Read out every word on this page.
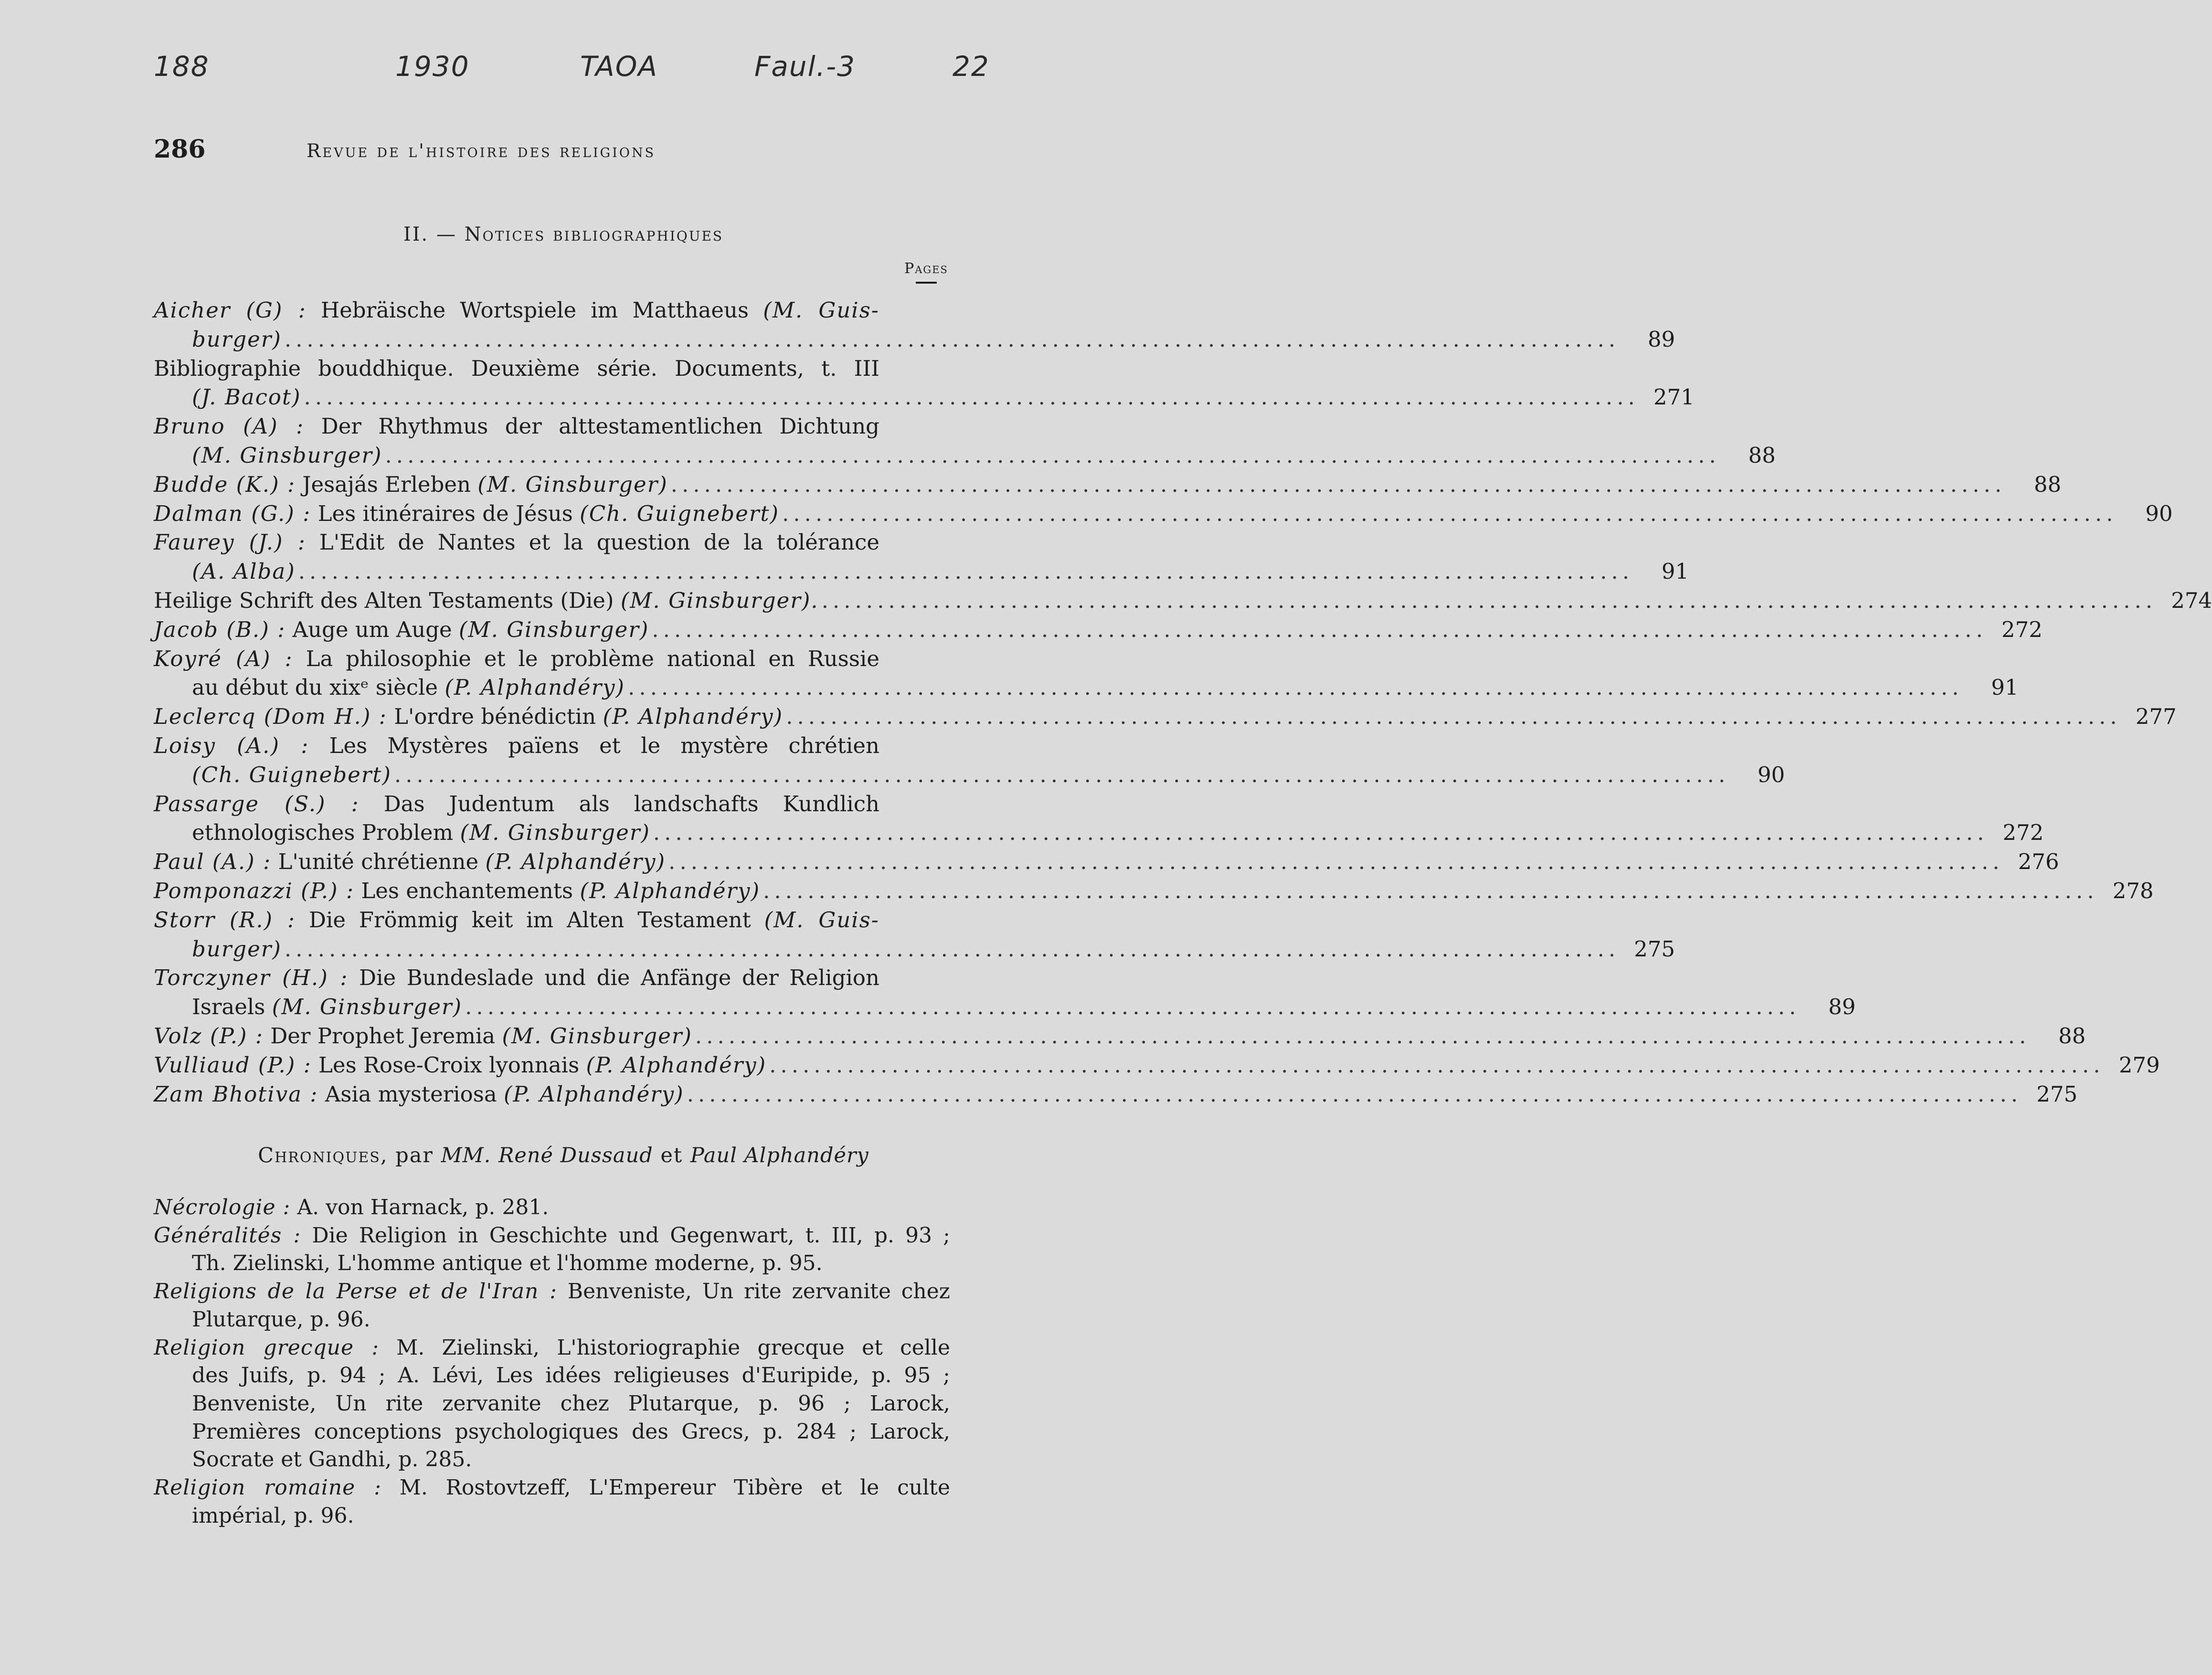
188	1930	TAOA	Faul.-3	22
286	Revue de l'histoire des religions
II. — Notices bibliographiques
Pages
Aicher (G) : Hebräische Wortspiele im Matthaeus (M. Guis-
burger) ........................................................................................................................	89
Bibliographie bouddhique. Deuxième série. Documents, t. III
(J. Bacot) ........................................................................................................................ 271
Bruno (A) : Der Rhythmus der alttestamentlichen Dichtung
(M. Ginsburger) ........................................................................................................................	88
Budde (K.) : Jesajás Erleben (M. Ginsburger) ........................................................................................................................	88
Dalman (G.) : Les itinéraires de Jésus (Ch. Guignebert) ........................................................................................................................	90
Faurey (J.) : L'Edit de Nantes et la question de la tolérance
(A. Alba) ........................................................................................................................	91
Heilige Schrift des Alten Testaments (Die) (M. Ginsburger). ........................................................................................................................ 274
Jacob (B.) : Auge um Auge (M. Ginsburger) ........................................................................................................................ 272
Koyré (A) : La philosophie et le problème national en Russie
au début du xixᵉ siècle (P. Alphandéry) ........................................................................................................................	91
Leclercq (Dom H.) : L'ordre bénédictin (P. Alphandéry) ........................................................................................................................ 277
Loisy (A.) : Les Mystères païens et le mystère chrétien
(Ch. Guignebert) ........................................................................................................................	90
Passarge (S.) : Das Judentum als landschafts Kundlich
ethnologisches Problem (M. Ginsburger) ........................................................................................................................ 272
Paul (A.) : L'unité chrétienne (P. Alphandéry) ........................................................................................................................ 276
Pomponazzi (P.) : Les enchantements (P. Alphandéry) ........................................................................................................................ 278
Storr (R.) : Die Frömmig keit im Alten Testament (M. Guis-
burger) ........................................................................................................................ 275
Torczyner (H.) : Die Bundeslade und die Anfänge der Religion
Israels (M. Ginsburger) ........................................................................................................................	89
Volz (P.) : Der Prophet Jeremia (M. Ginsburger) ........................................................................................................................	88
Vulliaud (P.) : Les Rose-Croix lyonnais (P. Alphandéry) ........................................................................................................................ 279
Zam Bhotiva : Asia mysteriosa (P. Alphandéry) ........................................................................................................................ 275
Chroniques, par MM. René Dussaud et Paul Alphandéry
Nécrologie : A. von Harnack, p. 281.
Généralités : Die Religion in Geschichte und Gegenwart, t. III, p. 93 ;
Th. Zielinski, L'homme antique et l'homme moderne, p. 95.
Religions de la Perse et de l'Iran : Benveniste, Un rite zervanite chez
Plutarque, p. 96.
Religion grecque : M. Zielinski, L'historiographie grecque et celle
des Juifs, p. 94 ; A. Lévi, Les idées religieuses d'Euripide, p. 95 ;
Benveniste, Un rite zervanite chez Plutarque, p. 96 ; Larock,
Premières conceptions psychologiques des Grecs, p. 284 ; Larock,
Socrate et Gandhi, p. 285.
Religion romaine : M. Rostovtzeff, L'Empereur Tibère et le culte
impérial, p. 96.
